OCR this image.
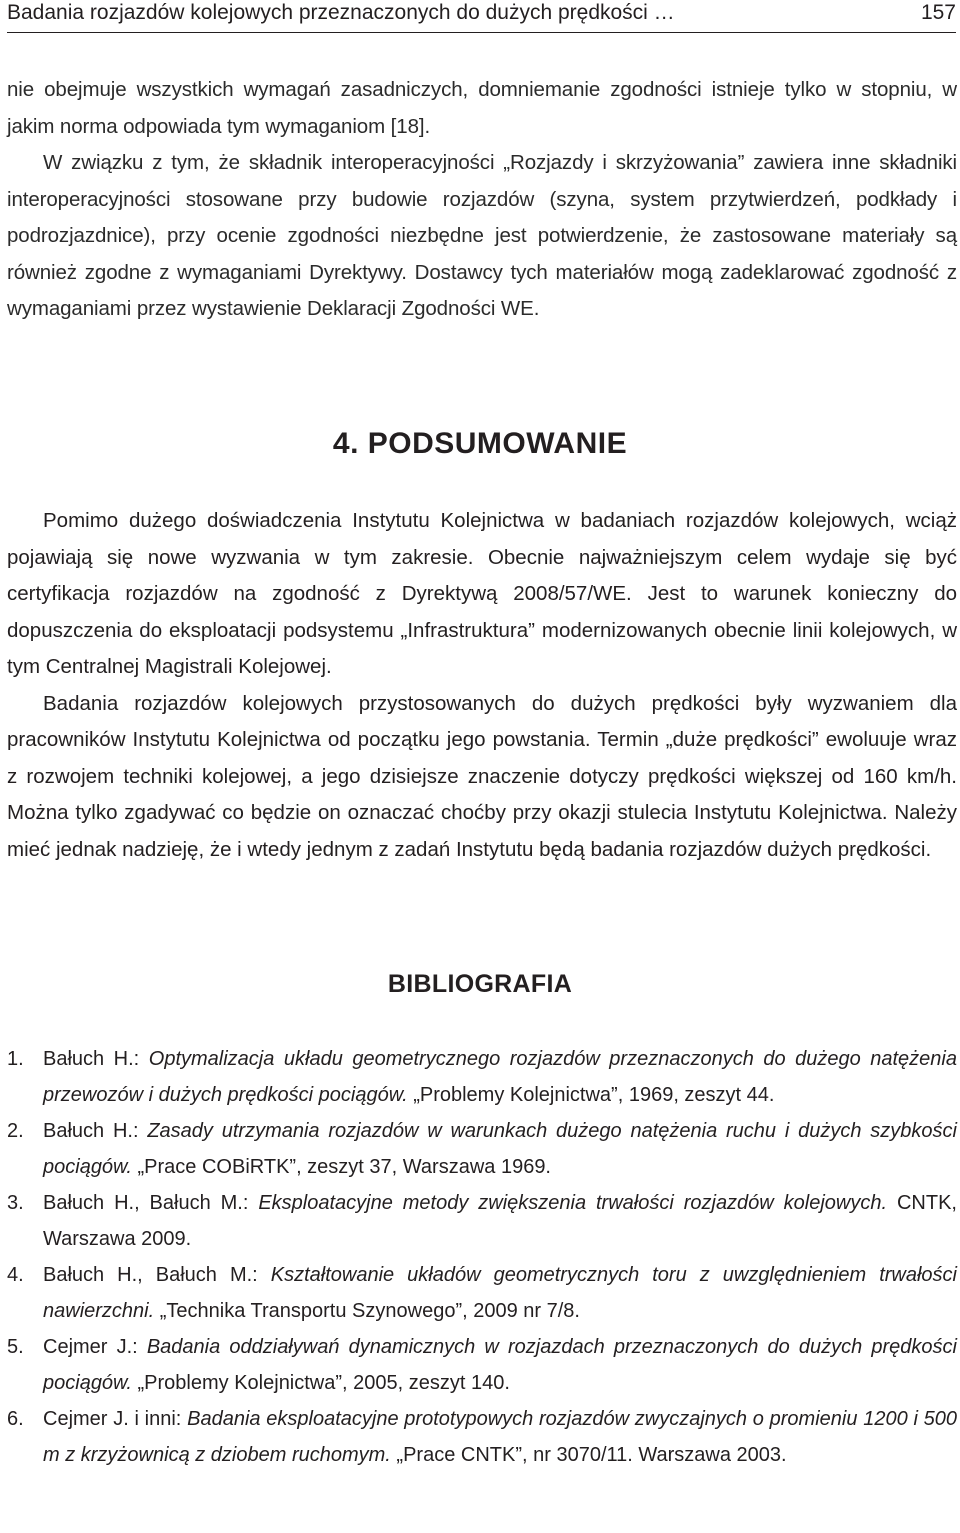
Badania rozjazdów kolejowych przeznaczonych do dużych prędkości …	157

nie obejmuje wszystkich wymagań zasadniczych, domniemanie zgodności istnieje tylko w stopniu, w jakim norma odpowiada tym wymaganiom [18].

W związku z tym, że składnik interoperacyjności „Rozjazdy i skrzyżowania” zawiera inne składniki interoperacyjności stosowane przy budowie rozjazdów (szyna, system przytwierdzeń, podkłady i podrozjazdnice), przy ocenie zgodności niezbędne jest potwierdzenie, że zastosowane materiały są również zgodne z wymaganiami Dyrektywy. Dostawcy tych materiałów mogą zadeklarować zgodność z wymaganiami przez wystawienie Deklaracji Zgodności WE.

4. PODSUMOWANIE

Pomimo dużego doświadczenia Instytutu Kolejnictwa w badaniach rozjazdów kolejowych, wciąż pojawiają się nowe wyzwania w tym zakresie. Obecnie najważniejszym celem wydaje się być certyfikacja rozjazdów na zgodność z Dyrektywą 2008/57/WE. Jest to warunek konieczny do dopuszczenia do eksploatacji podsystemu „Infrastruktura” modernizowanych obecnie linii kolejowych, w tym Centralnej Magistrali Kolejowej.

Badania rozjazdów kolejowych przystosowanych do dużych prędkości były wyzwaniem dla pracowników Instytutu Kolejnictwa od początku jego powstania. Termin „duże prędkości” ewoluuje wraz z rozwojem techniki kolejowej, a jego dzisiejsze znaczenie dotyczy prędkości większej od 160 km/h. Można tylko zgadywać co będzie on oznaczać choćby przy okazji stulecia Instytutu Kolejnictwa. Należy mieć jednak nadzieję, że i wtedy jednym z zadań Instytutu będą badania rozjazdów dużych prędkości.

BIBLIOGRAFIA
1. Bałuch H.: Optymalizacja układu geometrycznego rozjazdów przeznaczonych do dużego natężenia przewozów i dużych prędkości pociągów. „Problemy Kolejnictwa”, 1969, zeszyt 44.
2. Bałuch H.: Zasady utrzymania rozjazdów w warunkach dużego natężenia ruchu i dużych szybkości pociągów. „Prace COBiRTK”, zeszyt 37, Warszawa 1969.
3. Bałuch H., Bałuch M.: Eksploatacyjne metody zwiększenia trwałości rozjazdów kolejowych. CNTK, Warszawa 2009.
4. Bałuch H., Bałuch M.: Kształtowanie układów geometrycznych toru z uwzględnieniem trwałości nawierzchni. „Technika Transportu Szynowego”, 2009 nr 7/8.
5. Cejmer J.: Badania oddziaływań dynamicznych w rozjazdach przeznaczonych do dużych prędkości pociągów. „Problemy Kolejnictwa”, 2005, zeszyt 140.
6. Cejmer J. i inni: Badania eksploatacyjne prototypowych rozjazdów zwyczajnych o promieniu 1200 i 500 m z krzyżownicą z dziobem ruchomym. „Prace CNTK”, nr 3070/11. Warszawa 2003.
